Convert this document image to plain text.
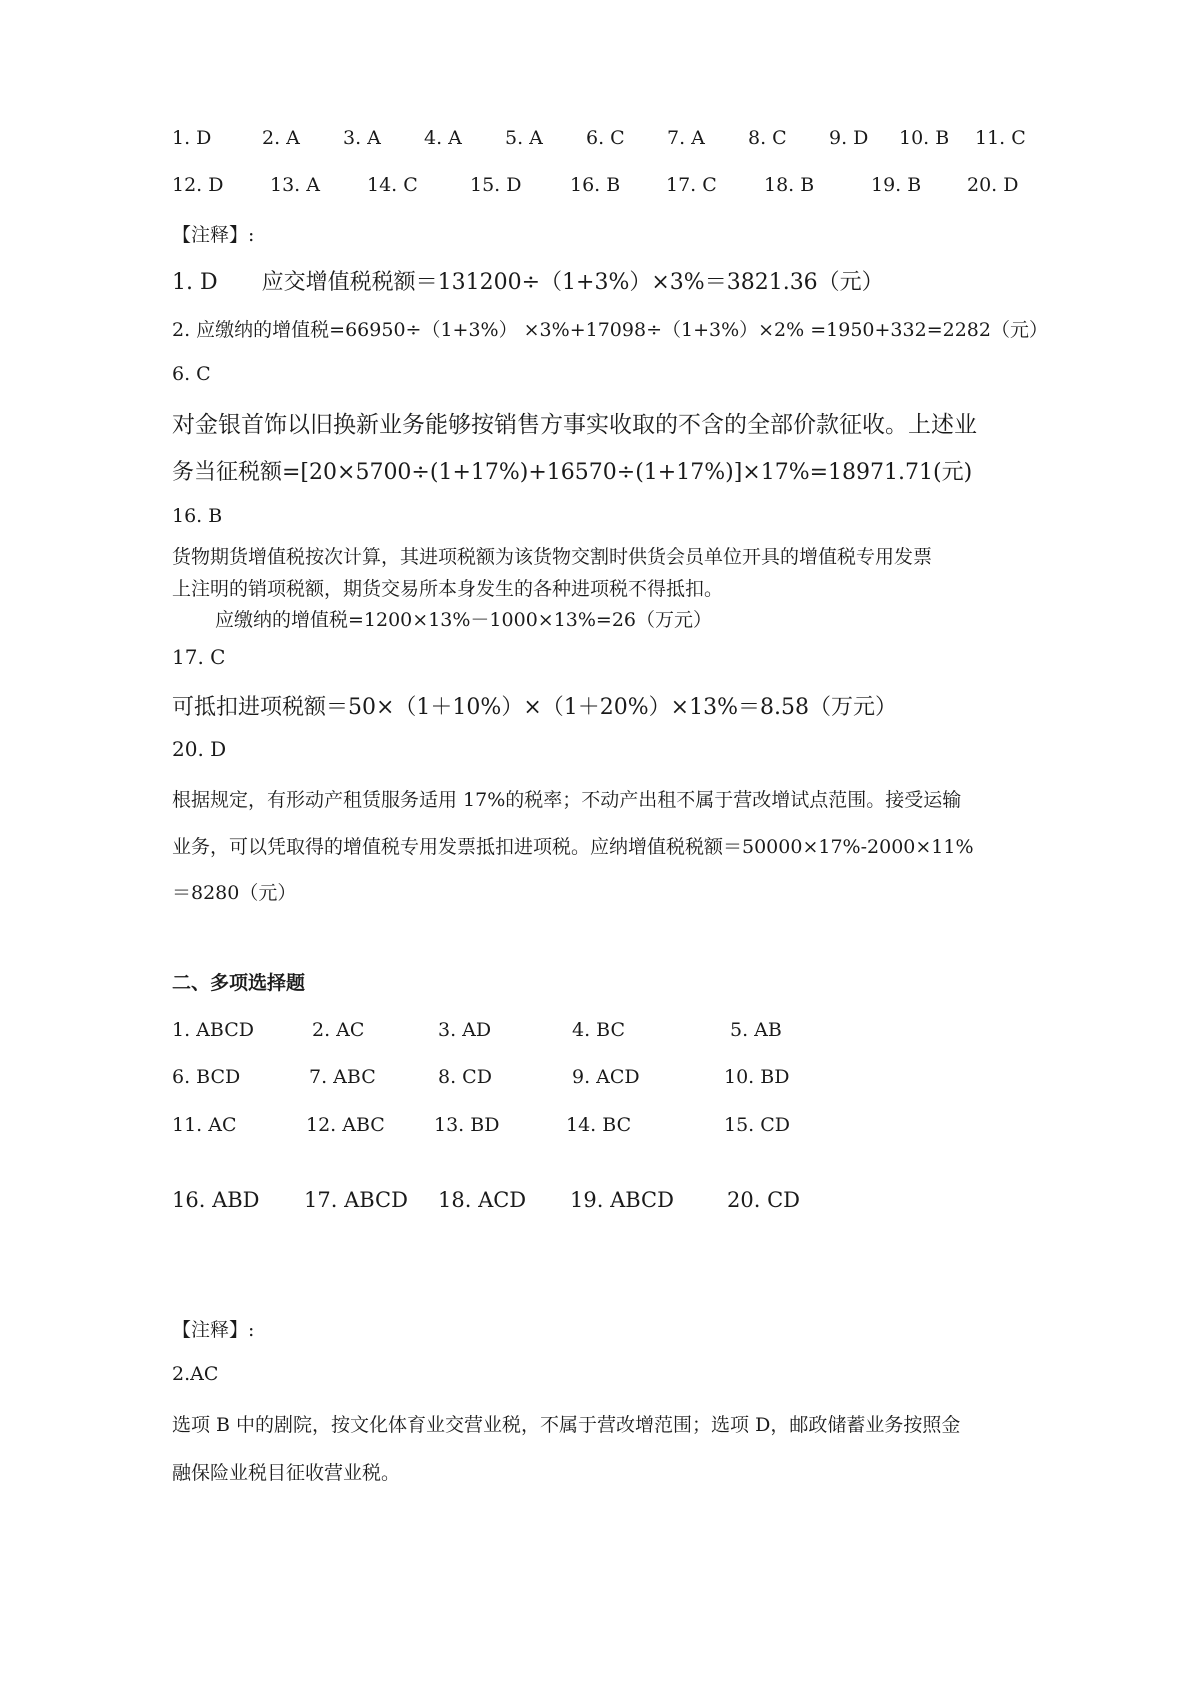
1. D	2. A 3. A 4. A 5. A 6. C 7. A 8. C 9. D 10. B 11. C
12. D 13. A 14. C	15. D	16. B 17. C 18. B	19. B 20. D
【注释】:
1. D　　应交增值税税额＝131200÷（1+3%）×3%＝3821.36（元）
2. 应缴纳的增值税=66950÷（1+3%） ×3%+17098÷（1+3%）×2% =1950+332=2282（元）
6. C
对金银首饰以旧换新业务能够按销售方事实收取的不含的全部价款征收。上述业
务当征税额=[20×5700÷(1+17%)+16570÷(1+17%)]×17%=18971.71(元)
16. B
货物期货增值税按次计算，其进项税额为该货物交割时供货会员单位开具的增值税专用发票
上注明的销项税额，期货交易所本身发生的各种进项税不得抵扣。
应缴纳的增值税=1200×13%－1000×13%=26（万元）
17. C
可抵扣进项税额＝50×（1＋10%）×（1＋20%）×13%＝8.58（万元）
20. D
根据规定，有形动产租赁服务适用 17%的税率；不动产出租不属于营改增试点范围。接受运输
业务，可以凭取得的增值税专用发票抵扣进项税。应纳增值税税额＝50000×17%-2000×11%
＝8280（元）
二、多项选择题
1. ABCD	2. AC	3. AD	4. BC	5. AB
6. BCD	7. ABC	8. CD	9. ACD	10. BD
11. AC	12. ABC	13. BD	14. BC	15. CD
16. ABD 17. ABCD 18. ACD 19. ABCD	20. CD
【注释】:
2.AC
选项 B 中的剧院，按文化体育业交营业税，不属于营改增范围；选项 D，邮政储蓄业务按照金
融保险业税目征收营业税。
